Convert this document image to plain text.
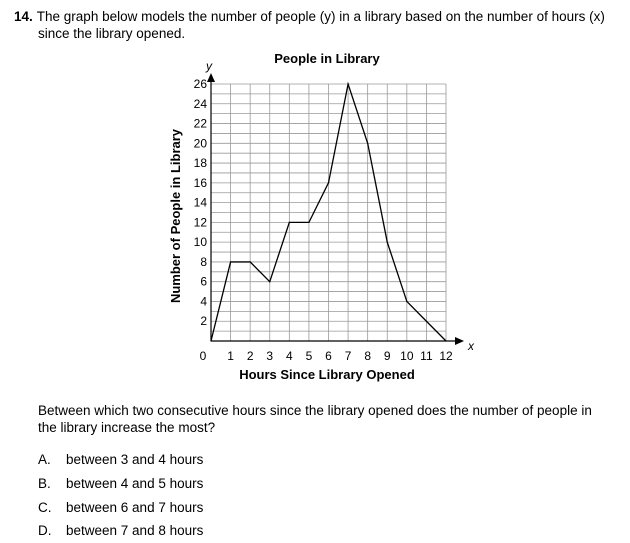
14. The graph below models the number of people (y) in a library based on the number of hours (x)
since the library opened.
People in Library
x
y
0 1 2 3 4 5 6 7 8 9 10 11 12
2
4
6
8
10
12
14
16
18
20
22
24
26
Hours Since Library Opened
Number of People in Library
Between which two consecutive hours since the library opened does the number of people in
the library increase the most?
A.	between 3 and 4 hours
B.	between 4 and 5 hours
C.	between 6 and 7 hours
D.	between 7 and 8 hours
